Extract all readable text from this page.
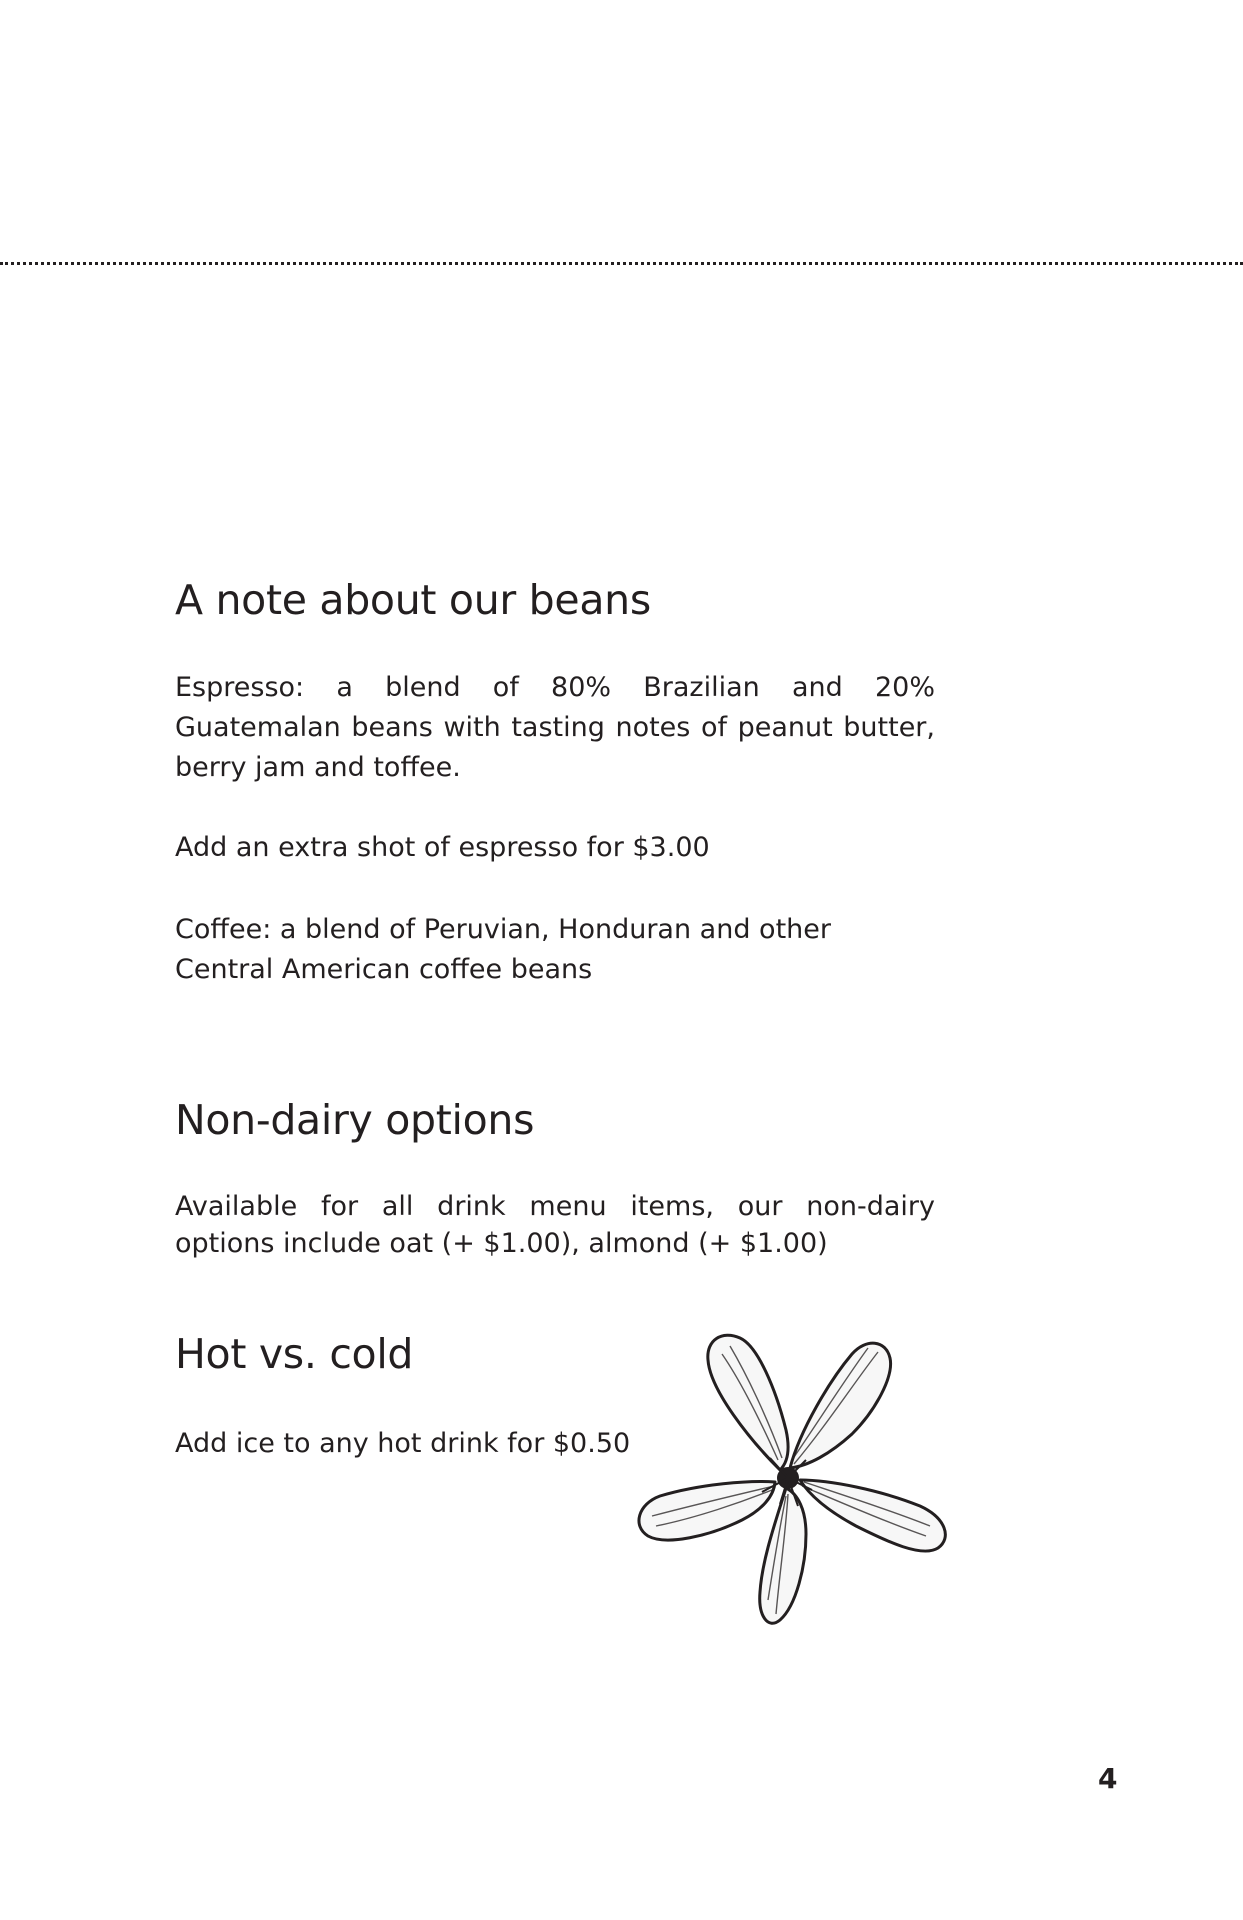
A note about our beans

Espresso: a blend of 80% Brazilian and 20% Guatemalan beans with tasting notes of peanut butter, berry jam and toffee.

Add an extra shot of espresso for $3.00

Coffee: a blend of Peruvian, Honduran and other Central American coffee beans

Non-dairy options

Available for all drink menu items, our non-dairy options include oat (+ $1.00), almond (+ $1.00)

Hot vs. cold

Add ice to any hot drink for $0.50

4
